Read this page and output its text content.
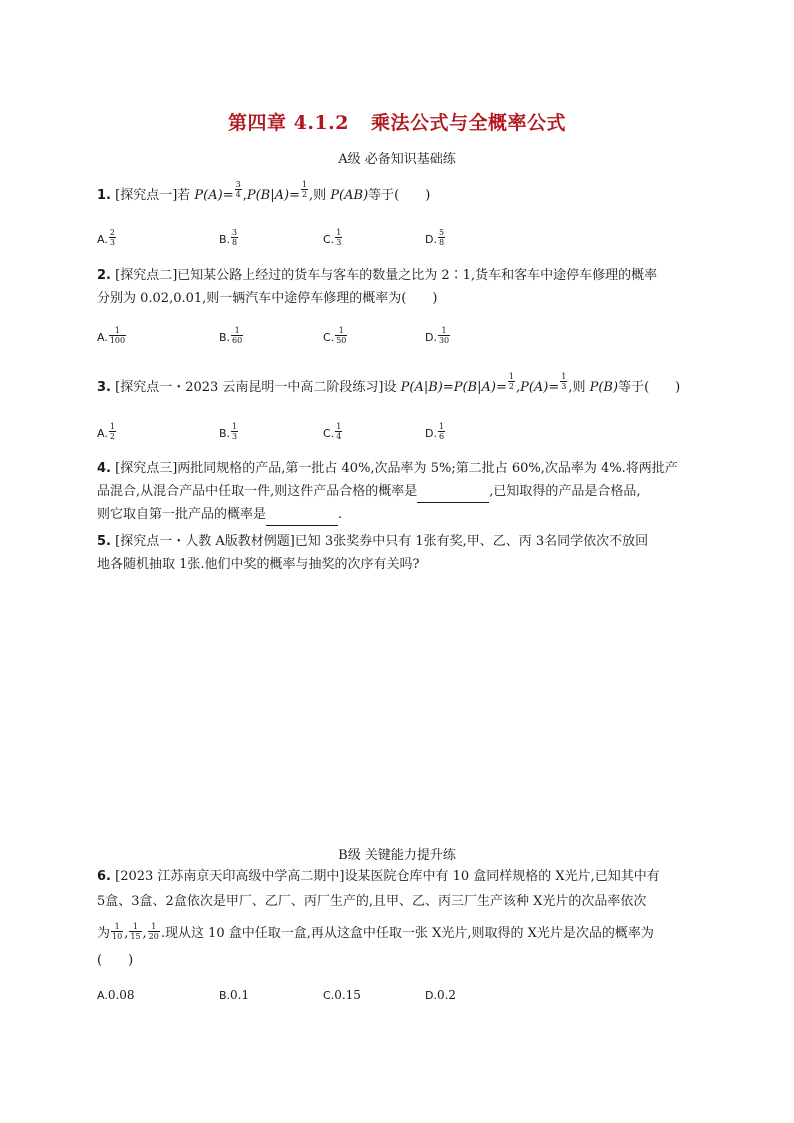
第四章 4.1.2 乘法公式与全概率公式
A级 必备知识基础练
1. [探究点一]若 $P(A)= \frac{3}{4} ,P(B|A)= \frac{1}{2}$ ,则 P(AB)等于(　　)
A. $\frac{2}{3}$	B. $\frac{3}{8}$	C. $\frac{1}{3}$	D. $\frac{5}{8}$
2. [探究点二]已知某公路上经过的货车与客车的数量之比为 2∶1,货车和客车中途停车修理的概率
分别为 0.02,0.01,则一辆汽车中途停车修理的概率为(　　)
A. $\frac{1}{100}$	B. $\frac{1}{60}$	C. $\frac{1}{50}$	D. $\frac{1}{30}$
3. [探究点一・2023 云南昆明一中高二阶段练习]设 $P(A|B)=P(B|A)= \frac{1}{2} ,P(A)= \frac{1}{3}$ ,则 P(B)等于(　　)
A. $\frac{1}{2}$	B. $\frac{1}{3}$	C. $\frac{1}{4}$	D. $\frac{1}{6}$
4. [探究点三]两批同规格的产品,第一批占 40%,次品率为 5%;第二批占 60%,次品率为 4%.将两批产
品混合,从混合产品中任取一件,则这件产品合格的概率是	,已知取得的产品是合格品,
则它取自第一批产品的概率是	.
5. [探究点一・人教 A版教材例题]已知 3张奖券中只有 1张有奖,甲、乙、丙 3名同学依次不放回
地各随机抽取 1张.他们中奖的概率与抽奖的次序有关吗?
B级 关键能力提升练
6. [2023 江苏南京天印高级中学高二期中]设某医院仓库中有 10 盒同样规格的 X光片,已知其中有
5盒、3盒、2盒依次是甲厂、乙厂、丙厂生产的,且甲、乙、丙三厂生产该种 X光片的次品率依次
为 $\frac{1}{10}$ , $\frac{1}{15}$ , $\frac{1}{20}$ .现从这 10 盒中任取一盒,再从这盒中任取一张 X光片,则取得的 X光片是次品的概率为
(　　)
A.0.08	B.0.1	C.0.15	D.0.2
